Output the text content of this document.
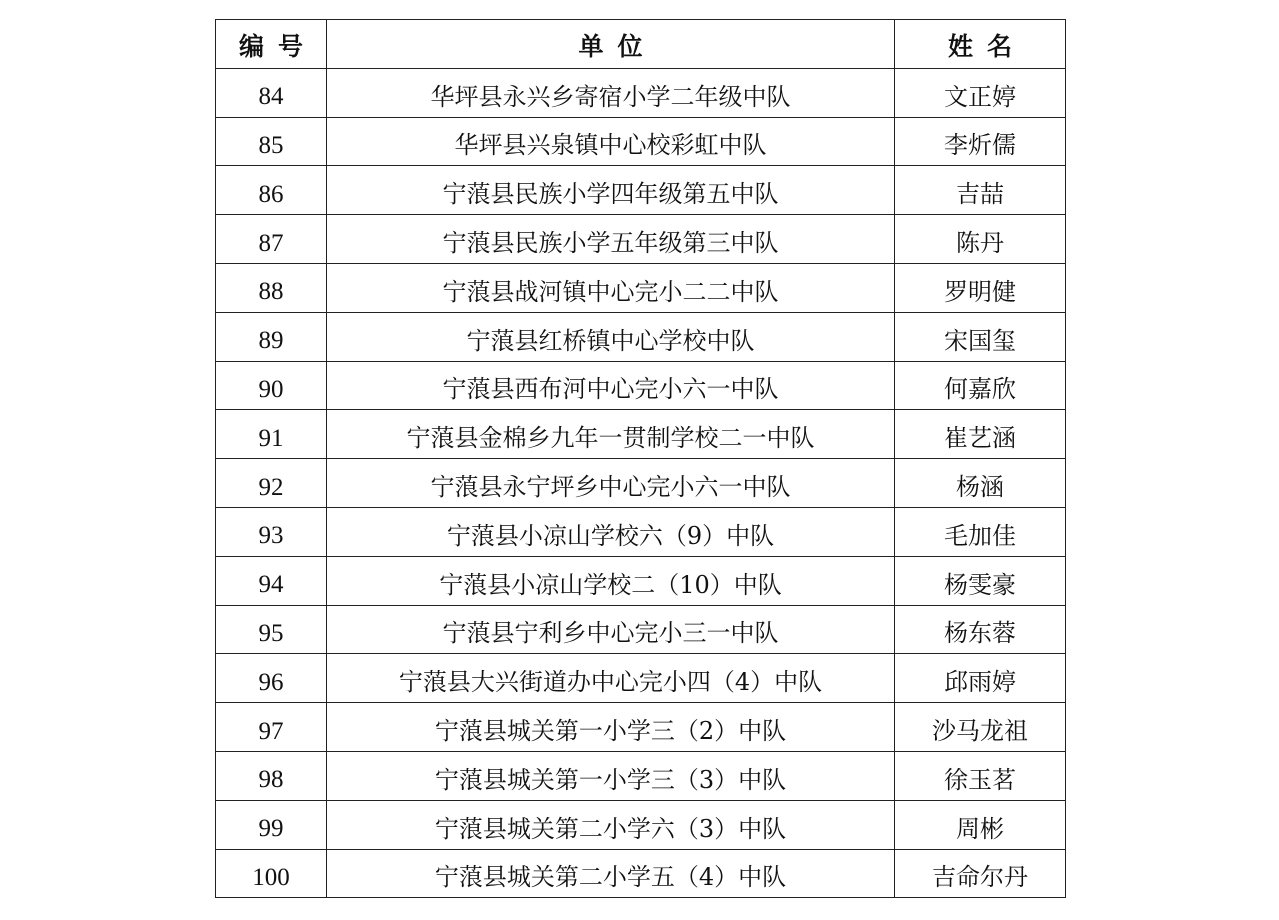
编号	单位	姓名
84	华坪县永兴乡寄宿小学二年级中队	文正婷
85	华坪县兴泉镇中心校彩虹中队	李炘儒
86	宁蒗县民族小学四年级第五中队	吉喆
87	宁蒗县民族小学五年级第三中队	陈丹
88	宁蒗县战河镇中心完小二二中队	罗明健
89	宁蒗县红桥镇中心学校中队	宋国玺
90	宁蒗县西布河中心完小六一中队	何嘉欣
91	宁蒗县金棉乡九年一贯制学校二一中队	崔艺涵
92	宁蒗县永宁坪乡中心完小六一中队	杨涵
93	宁蒗县小凉山学校六（9）中队	毛加佳
94	宁蒗县小凉山学校二（10）中队	杨雯豪
95	宁蒗县宁利乡中心完小三一中队	杨东蓉
96	宁蒗县大兴街道办中心完小四（4）中队	邱雨婷
97	宁蒗县城关第一小学三（2）中队	沙马龙祖
98	宁蒗县城关第一小学三（3）中队	徐玉茗
99	宁蒗县城关第二小学六（3）中队	周彬
100	宁蒗县城关第二小学五（4）中队	吉命尔丹
